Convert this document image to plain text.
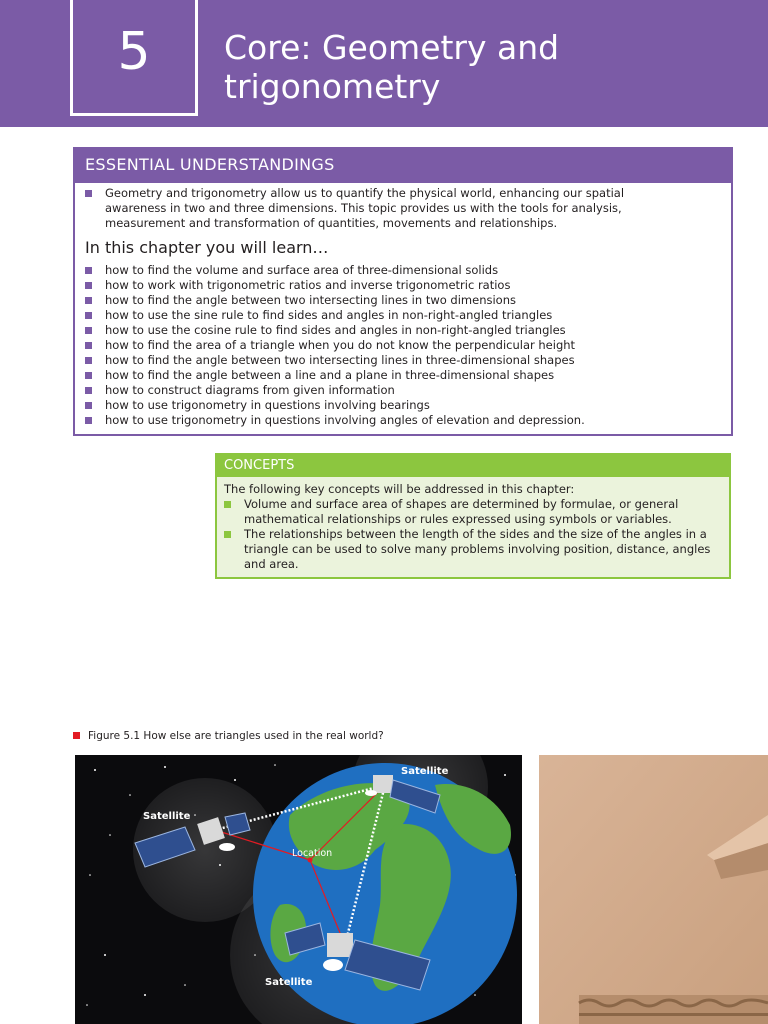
5	Core: Geometry and
trigonometry
ESSENTIAL UNDERSTANDINGS
Geometry and trigonometry allow us to quantify the physical world, enhancing our spatial
awareness in two and three dimensions. This topic provides us with the tools for analysis,
measurement and transformation of quantities, movements and relationships.
In this chapter you will learn…
how to find the volume and surface area of three-dimensional solids
how to work with trigonometric ratios and inverse trigonometric ratios
how to find the angle between two intersecting lines in two dimensions
how to use the sine rule to find sides and angles in non-right-angled triangles
how to use the cosine rule to find sides and angles in non-right-angled triangles
how to find the area of a triangle when you do not know the perpendicular height
how to find the angle between two intersecting lines in three-dimensional shapes
how to find the angle between a line and a plane in three-dimensional shapes
how to construct diagrams from given information
how to use trigonometry in questions involving bearings
how to use trigonometry in questions involving angles of elevation and depression.
CONCEPTS
The following key concepts will be addressed in this chapter:
Volume and surface area of shapes are determined by formulae, or general
mathematical relationships or rules expressed using symbols or variables.
The relationships between the length of the sides and the size of the angles in a
triangle can be used to solve many problems involving position, distance, angles
and area.
Figure 5.1 How else are triangles used in the real world?
Satellite
Satellite
Location
Satellite
